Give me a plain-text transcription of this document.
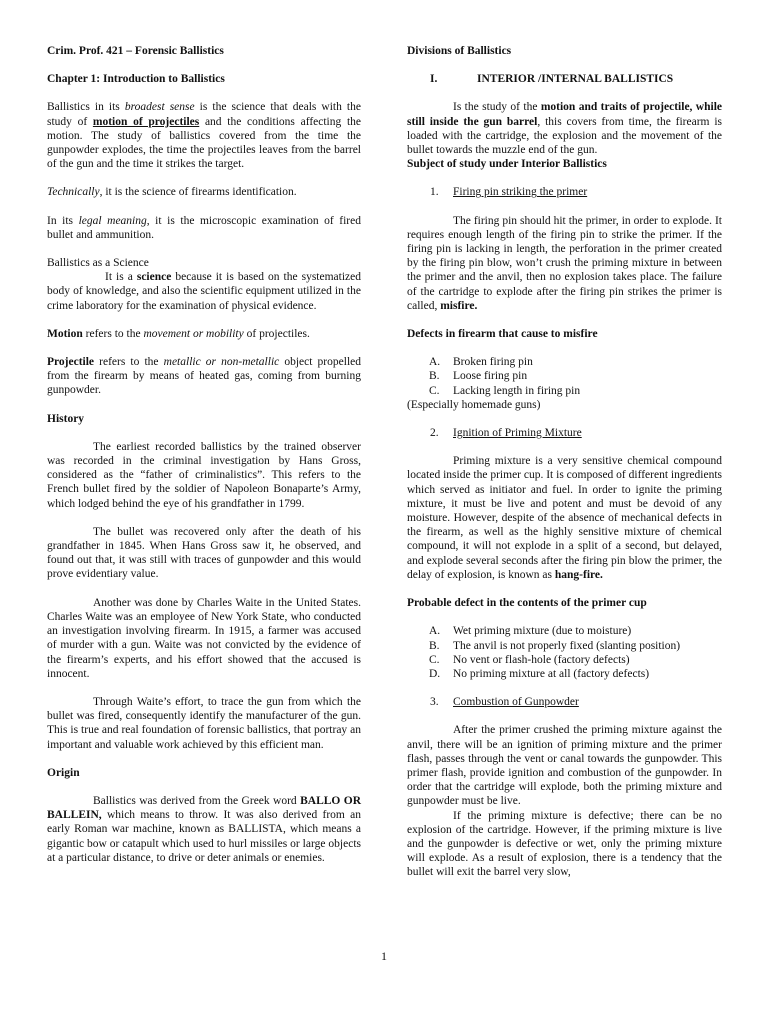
Crim. Prof. 421 – Forensic Ballistics
Chapter 1: Introduction to Ballistics

Ballistics in its broadest sense is the science that deals with the study of motion of projectiles and the conditions affecting the motion. The study of ballistics covered from the time the gunpowder explodes, the time the projectiles leaves from the barrel of the gun and the time it strikes the target.

Technically, it is the science of firearms identification.

In its legal meaning, it is the microscopic examination of fired bullet and ammunition.

Ballistics as a Science

It is a science because it is based on the systematized body of knowledge, and also the scientific equipment utilized in the crime laboratory for the examination of physical evidence.

Motion refers to the movement or mobility of projectiles.

Projectile refers to the metallic or non-metallic object propelled from the firearm by means of heated gas, coming from burning gunpowder.

History

The earliest recorded ballistics by the trained observer was recorded in the criminal investigation by Hans Gross, considered as the “father of criminalistics”. This refers to the French bullet fired by the soldier of Napoleon Bonaparte’s Army, which lodged behind the eye of his grandfather in 1799.

The bullet was recovered only after the death of his grandfather in 1845. When Hans Gross saw it, he observed, and found out that, it was still with traces of gunpowder and this would prove evidentiary value.

Another was done by Charles Waite in the United States. Charles Waite was an employee of New York State, who conducted an investigation involving firearm. In 1915, a farmer was accused of murder with a gun. Waite was not convicted by the evidence of the firearm’s experts, and his effort showed that the accused is innocent.

Through Waite’s effort, to trace the gun from which the bullet was fired, consequently identify the manufacturer of the gun. This is true and real foundation of forensic ballistics, that portray an important and valuable work achieved by this efficient man.

Origin

Ballistics was derived from the Greek word BALLO OR BALLEIN, which means to throw. It was also derived from an early Roman war machine, known as BALLISTA, which means a gigantic bow or catapult which used to hurl missiles or large objects at a particular distance, to drive or deter animals or enemies.

Divisions of Ballistics
I.	INTERIOR /INTERNAL BALLISTICS

Is the study of the motion and traits of projectile, while still inside the gun barrel, this covers from time, the firearm is loaded with the cartridge, the explosion and the movement of the bullet towards the muzzle end of the gun.

Subject of study under Interior Ballistics
1.	Firing pin striking the primer

The firing pin should hit the primer, in order to explode. It requires enough length of the firing pin to strike the primer. If the firing pin is lacking in length, the perforation in the primer created by the firing pin blow, won’t crush the priming mixture in between the primer and the anvil, then no explosion takes place. The failure of the cartridge to explode after the firing pin strikes the primer is called, misfire.

Defects in firearm that cause to misfire
A.	Broken firing pin
B.	Loose firing pin
C.	Lacking length in firing pin
(Especially homemade guns)
2.	Ignition of Priming Mixture

Priming mixture is a very sensitive chemical compound located inside the primer cup. It is composed of different ingredients which served as initiator and fuel. In order to ignite the priming mixture, it must be live and potent and must be devoid of any moisture. However, despite of the absence of mechanical defects in the firearm, as well as the highly sensitive mixture of chemical compound, it will not explode in a split of a second, but delayed, and explode several seconds after the firing pin blow the primer, the delay of explosion, is known as hang-fire.

Probable defect in the contents of the primer cup
A.	Wet priming mixture (due to moisture)
B.	The anvil is not properly fixed (slanting position)
C.	No vent or flash-hole (factory defects)
D.	No priming mixture at all (factory defects)
3.	Combustion of Gunpowder

After the primer crushed the priming mixture against the anvil, there will be an ignition of priming mixture and the primer flash, passes through the vent or canal towards the gunpowder. This primer flash, provide ignition and combustion of the gunpowder. In order that the cartridge will explode, both the priming mixture and gunpowder must be live.

If the priming mixture is defective; there can be no explosion of the cartridge. However, if the priming mixture is live and the gunpowder is defective or wet, only the priming mixture will explode. As a result of explosion, there is a tendency that the bullet will exit the barrel very slow,

1
